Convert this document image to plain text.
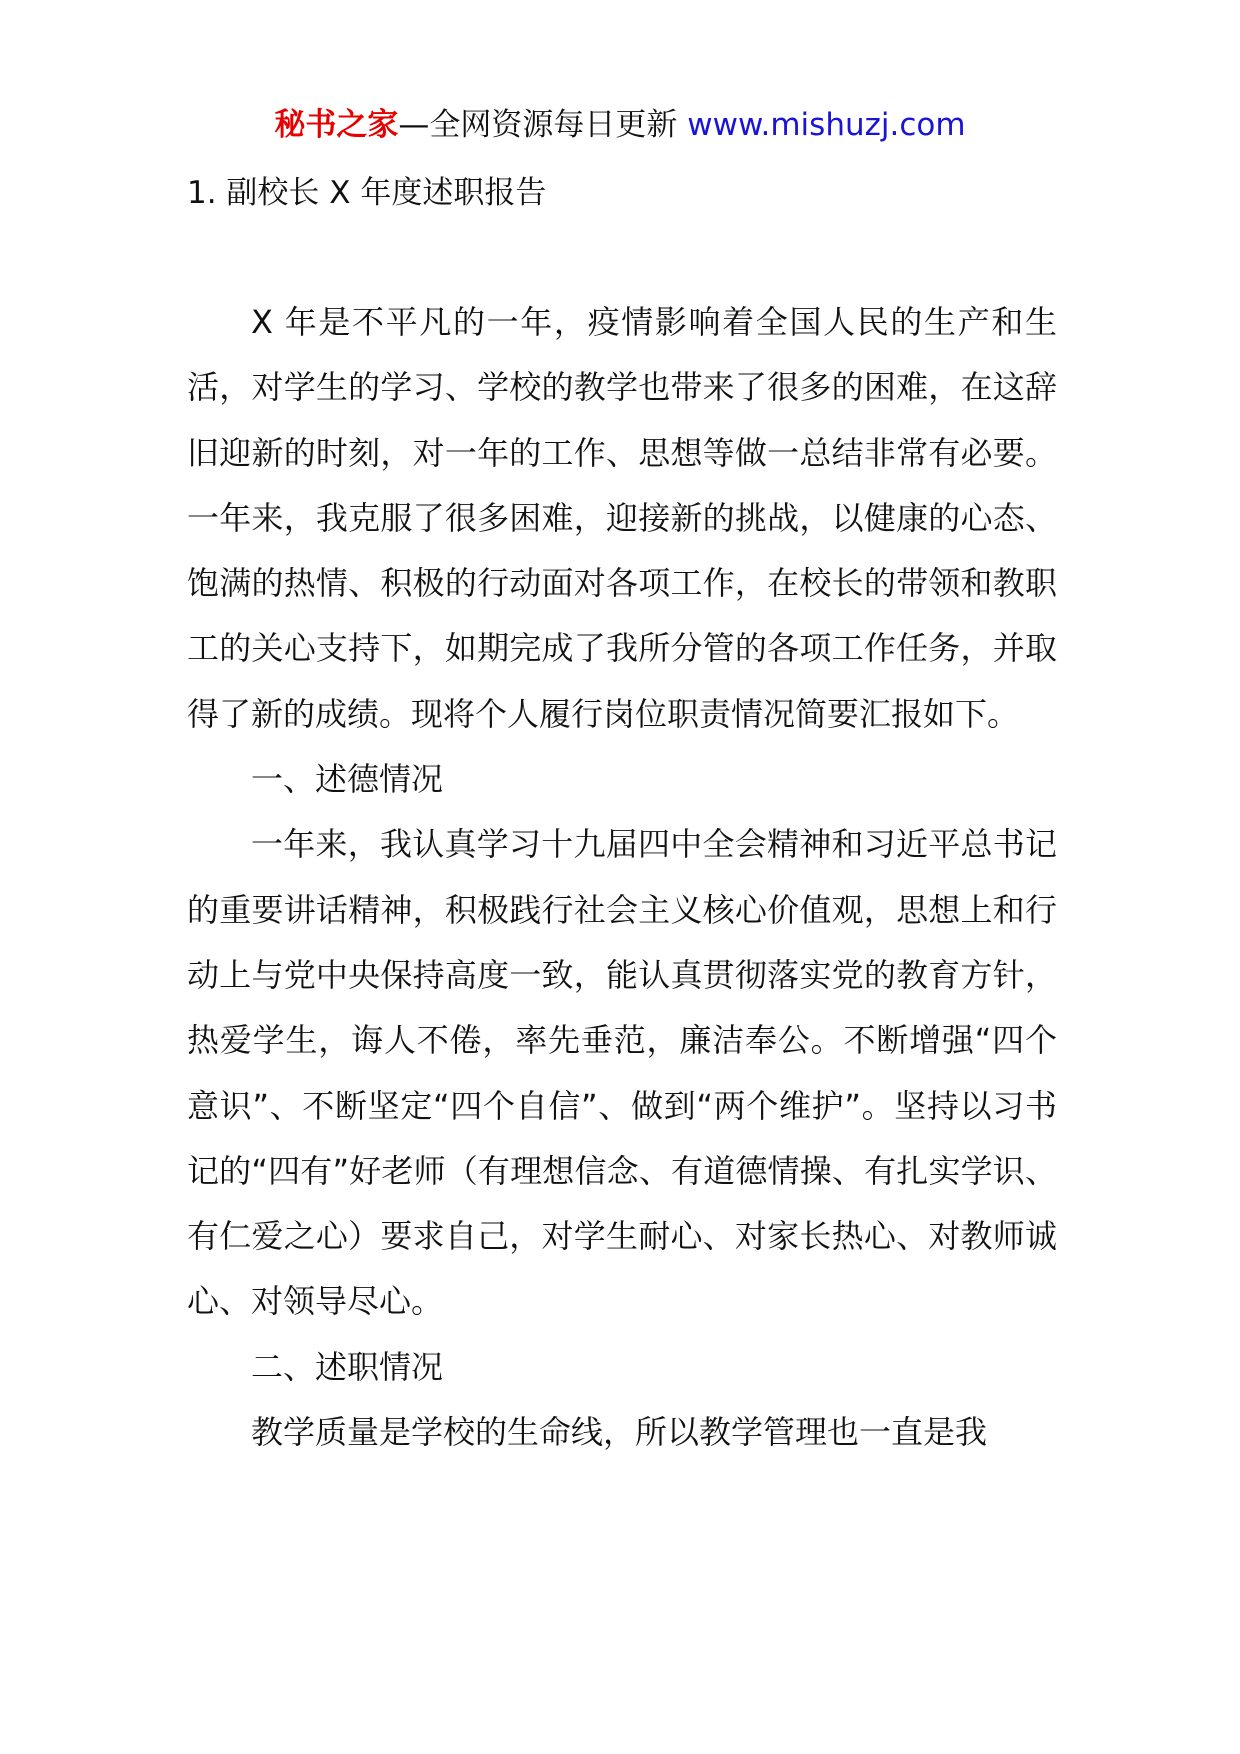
秘书之家—全网资源每日更新 www.mishuzj.com
1. 副校长 X 年度述职报告

X 年是不平凡的一年，疫情影响着全国人民的生产和生活，对学生的学习、学校的教学也带来了很多的困难，在这辞旧迎新的时刻，对一年的工作、思想等做一总结非常有必要。一年来，我克服了很多困难，迎接新的挑战，以健康的心态、饱满的热情、积极的行动面对各项工作，在校长的带领和教职工的关心支持下，如期完成了我所分管的各项工作任务，并取得了新的成绩。现将个人履行岗位职责情况简要汇报如下。

一、述德情况

一年来，我认真学习十九届四中全会精神和习近平总书记的重要讲话精神，积极践行社会主义核心价值观，思想上和行动上与党中央保持高度一致，能认真贯彻落实党的教育方针，热爱学生，诲人不倦，率先垂范，廉洁奉公。不断增强“四个意识”、不断坚定“四个自信”、做到“两个维护”。坚持以习书记的“四有”好老师（有理想信念、有道德情操、有扎实学识、有仁爱之心）要求自己，对学生耐心、对家长热心、对教师诚心、对领导尽心。

二、述职情况

教学质量是学校的生命线，所以教学管理也一直是我
